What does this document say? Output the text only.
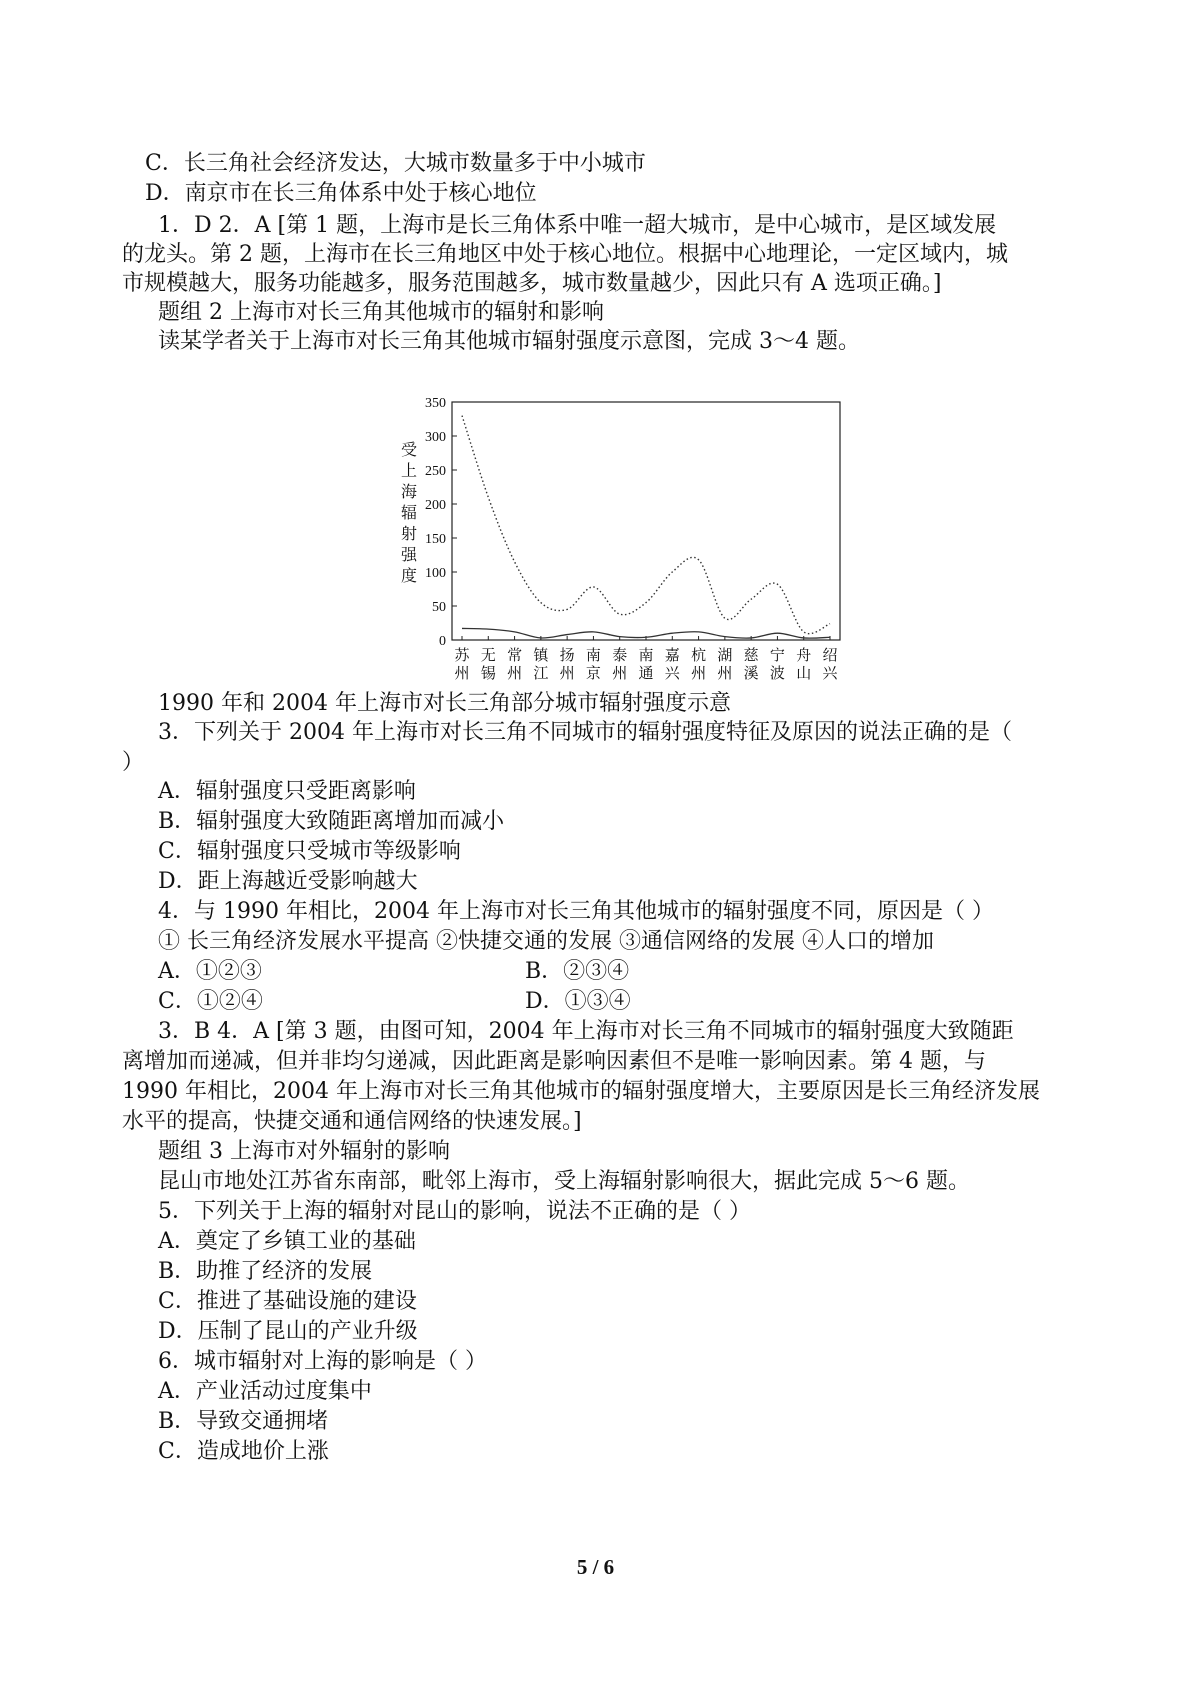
C．长三角社会经济发达，大城市数量多于中小城市
D．南京市在长三角体系中处于核心地位
1．D 2．A [第 1 题，上海市是长三角体系中唯一超大城市，是中心城市，是区域发展
的龙头。第 2 题，上海市在长三角地区中处于核心地位。根据中心地理论，一定区域内，城
市规模越大，服务功能越多，服务范围越多，城市数量越少，因此只有 A 选项正确。]
题组 2 上海市对长三角其他城市的辐射和影响
读某学者关于上海市对长三角其他城市辐射强度示意图，完成 3～4 题。
0
50
100
150
200
250
300
350
受
上
海
辐
射
强
度
苏
州
无
锡
常
州
镇
江
扬
州
南
京
泰
州
南
通
嘉
兴
杭
州
湖
州
慈
溪
宁
波
舟
山
绍
兴
1990 年和 2004 年上海市对长三角部分城市辐射强度示意
3．下列关于 2004 年上海市对长三角不同城市的辐射强度特征及原因的说法正确的是（
）
A．辐射强度只受距离影响
B．辐射强度大致随距离增加而减小
C．辐射强度只受城市等级影响
D．距上海越近受影响越大
4．与 1990 年相比，2004 年上海市对长三角其他城市的辐射强度不同，原因是（ ）
① 长三角经济发展水平提高 ②快捷交通的发展 ③通信网络的发展 ④人口的增加
A．①②③	B．②③④
C．①②④	D．①③④
3．B 4．A [第 3 题，由图可知，2004 年上海市对长三角不同城市的辐射强度大致随距
离增加而递减，但并非均匀递减，因此距离是影响因素但不是唯一影响因素。第 4 题，与
1990 年相比，2004 年上海市对长三角其他城市的辐射强度增大，主要原因是长三角经济发展
水平的提高，快捷交通和通信网络的快速发展。]
题组 3 上海市对外辐射的影响
昆山市地处江苏省东南部，毗邻上海市，受上海辐射影响很大，据此完成 5～6 题。
5．下列关于上海的辐射对昆山的影响，说法不正确的是（ ）
A．奠定了乡镇工业的基础
B．助推了经济的发展
C．推进了基础设施的建设
D．压制了昆山的产业升级
6．城市辐射对上海的影响是（ ）
A．产业活动过度集中
B．导致交通拥堵
C．造成地价上涨
5 / 6
